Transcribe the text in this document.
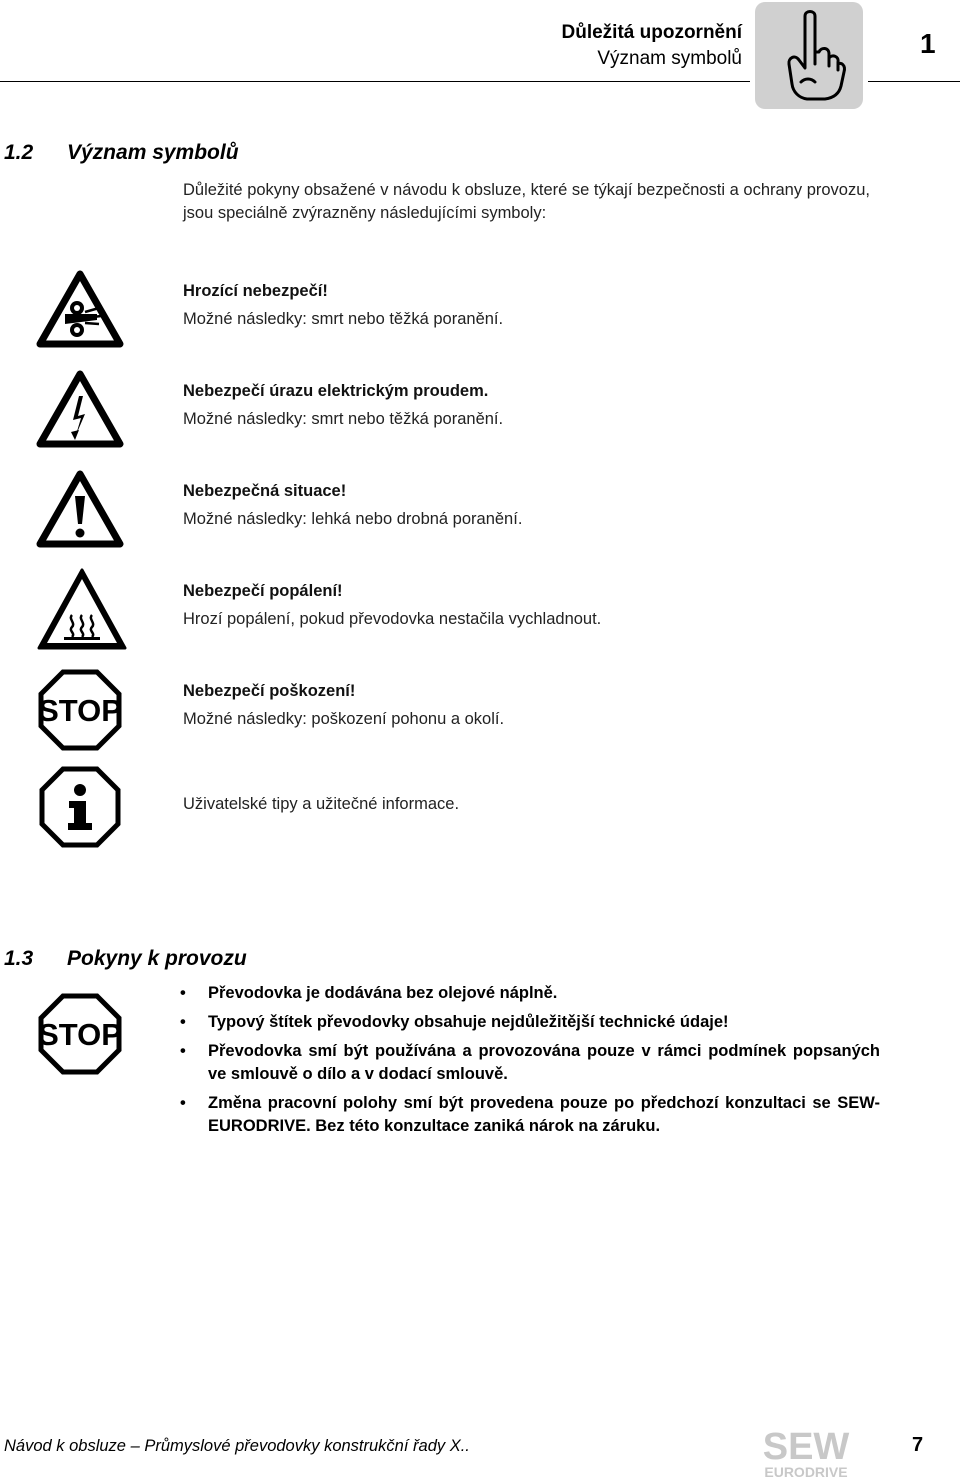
Důležitá upozornění
Význam symbolů	1
1.2 Význam symbolů
Důležité pokyny obsažené v návodu k obsluze, které se týkají bezpečnosti a ochrany provozu, jsou speciálně zvýrazněny následujícími symboly:
Hrozící nebezpečí!
Možné následky: smrt nebo těžká poranění.
Nebezpečí úrazu elektrickým proudem.
Možné následky: smrt nebo těžká poranění.
Nebezpečná situace!
Možné následky: lehká nebo drobná poranění.
Nebezpečí popálení!
Hrozí popálení, pokud převodovka nestačila vychladnout.
STOP
Nebezpečí poškození!
Možné následky: poškození pohonu a okolí.
Uživatelské tipy a užitečné informace.
1.3 Pokyny k provozu
STOP
• Převodovka je dodávána bez olejové náplně.
• Typový štítek převodovky obsahuje nejdůležitější technické údaje!
• Převodovka smí být používána a provozována pouze v rámci podmínek popsaných ve smlouvě o dílo a v dodací smlouvě.
• Změna pracovní polohy smí být provedena pouze po předchozí konzultaci se SEW-EURODRIVE. Bez této konzultace zaniká nárok na záruku.
Návod k obsluze – Průmyslové převodovky konstrukční řady X..	SEW
EURODRIVE
7
